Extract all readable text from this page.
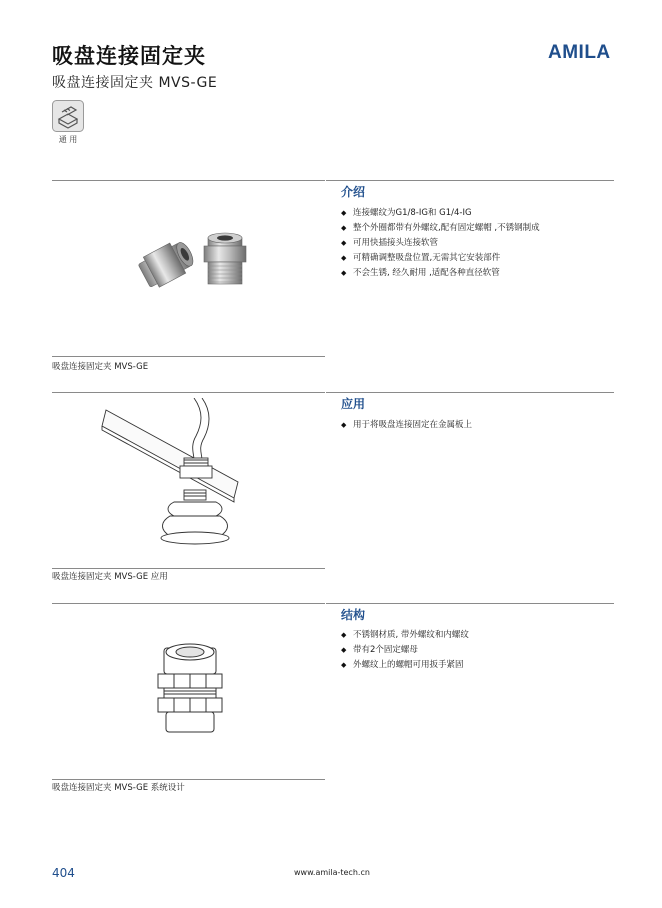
吸盘连接固定夹
吸盘连接固定夹 MVS-GE
AMILA
通 用
吸盘连接固定夹 MVS-GE
介绍
◆ 连接螺纹为G1/8-IG和 G1/4-IG
◆ 整个外圈都带有外螺纹,配有固定螺帽 ,不锈钢制成
◆ 可用快插接头连接软管
◆ 可精确调整吸盘位置,无需其它安装部件
◆ 不会生锈, 经久耐用 ,适配各种直径软管
吸盘连接固定夹 MVS-GE 应用
应用
◆ 用于将吸盘连接固定在金属板上
吸盘连接固定夹 MVS-GE 系统设计
结构
◆ 不锈钢材质, 带外螺纹和内螺纹
◆ 带有2个固定螺母
◆ 外螺纹上的螺帽可用扳手紧固
404	www.amila-tech.cn
